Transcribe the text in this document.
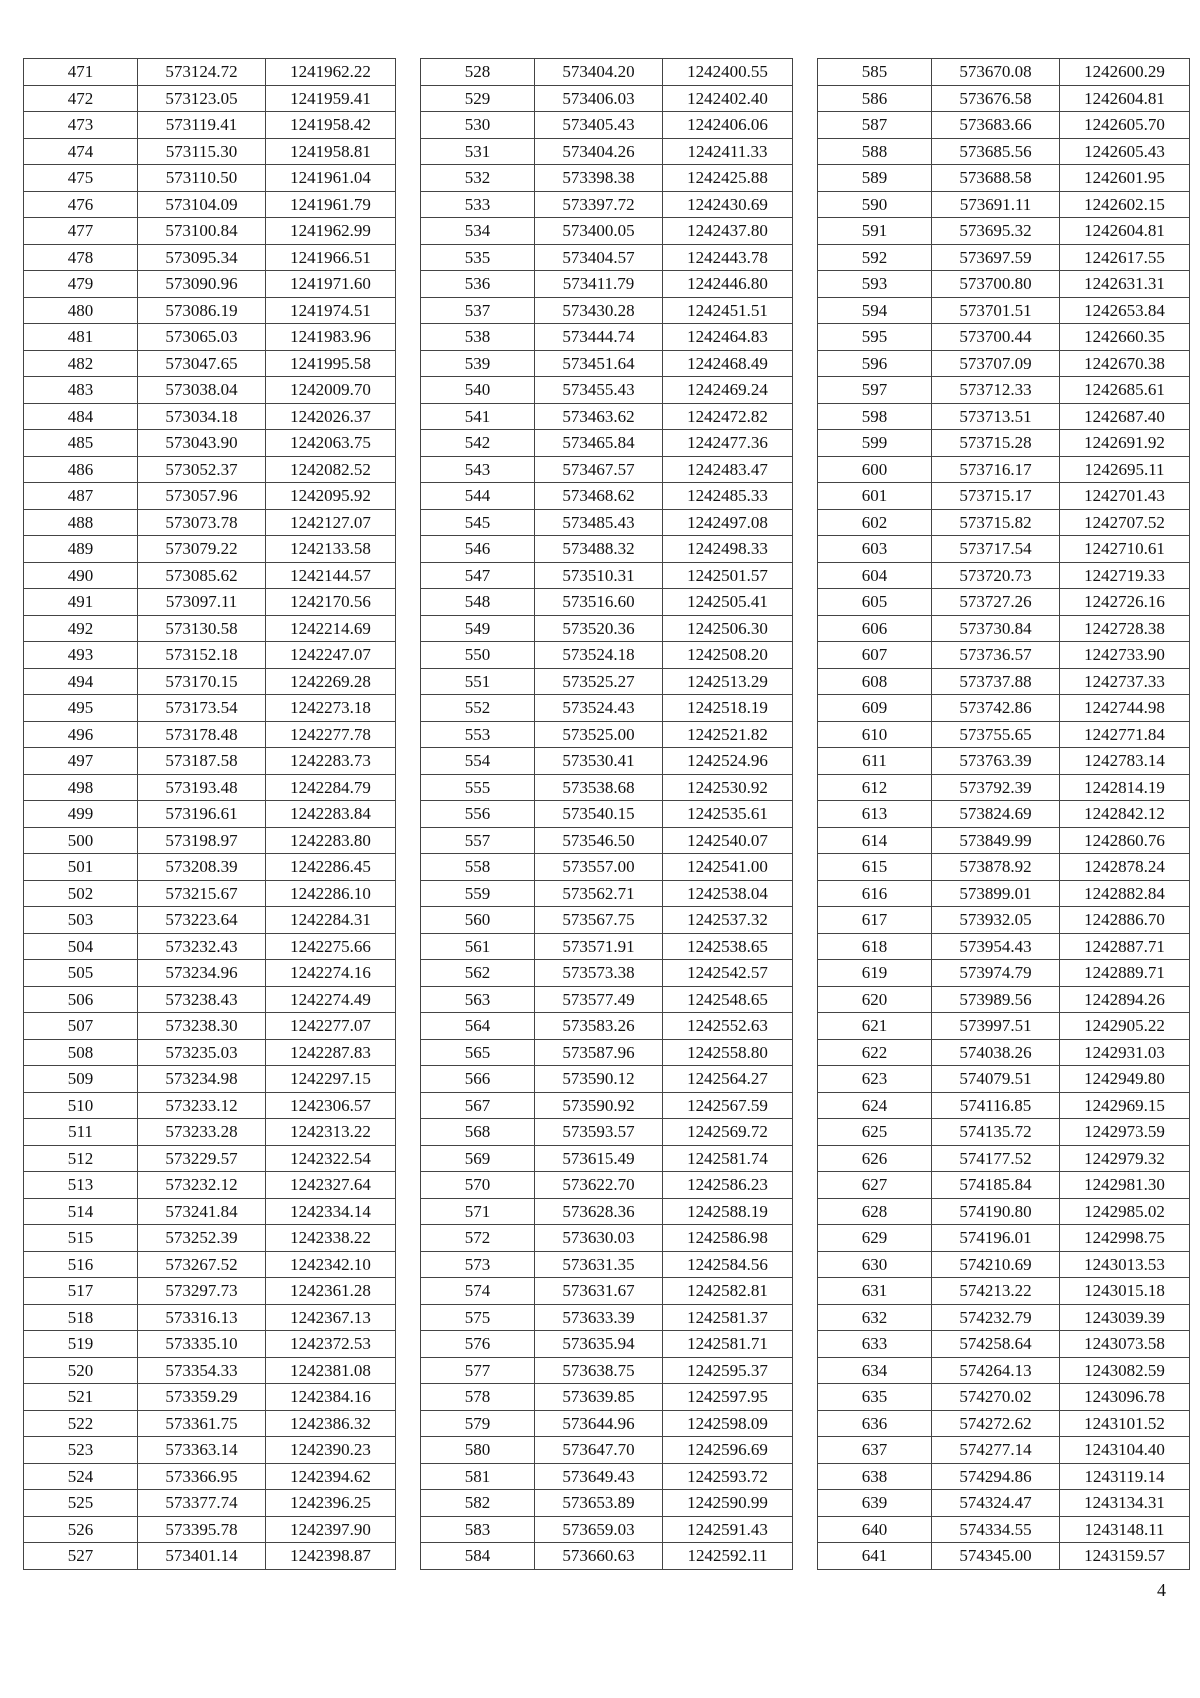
471	573124.72	1241962.22
472	573123.05	1241959.41
473	573119.41	1241958.42
474	573115.30	1241958.81
475	573110.50	1241961.04
476	573104.09	1241961.79
477	573100.84	1241962.99
478	573095.34	1241966.51
479	573090.96	1241971.60
480	573086.19	1241974.51
481	573065.03	1241983.96
482	573047.65	1241995.58
483	573038.04	1242009.70
484	573034.18	1242026.37
485	573043.90	1242063.75
486	573052.37	1242082.52
487	573057.96	1242095.92
488	573073.78	1242127.07
489	573079.22	1242133.58
490	573085.62	1242144.57
491	573097.11	1242170.56
492	573130.58	1242214.69
493	573152.18	1242247.07
494	573170.15	1242269.28
495	573173.54	1242273.18
496	573178.48	1242277.78
497	573187.58	1242283.73
498	573193.48	1242284.79
499	573196.61	1242283.84
500	573198.97	1242283.80
501	573208.39	1242286.45
502	573215.67	1242286.10
503	573223.64	1242284.31
504	573232.43	1242275.66
505	573234.96	1242274.16
506	573238.43	1242274.49
507	573238.30	1242277.07
508	573235.03	1242287.83
509	573234.98	1242297.15
510	573233.12	1242306.57
511	573233.28	1242313.22
512	573229.57	1242322.54
513	573232.12	1242327.64
514	573241.84	1242334.14
515	573252.39	1242338.22
516	573267.52	1242342.10
517	573297.73	1242361.28
518	573316.13	1242367.13
519	573335.10	1242372.53
520	573354.33	1242381.08
521	573359.29	1242384.16
522	573361.75	1242386.32
523	573363.14	1242390.23
524	573366.95	1242394.62
525	573377.74	1242396.25
526	573395.78	1242397.90
527	573401.14	1242398.87
528	573404.20	1242400.55
529	573406.03	1242402.40
530	573405.43	1242406.06
531	573404.26	1242411.33
532	573398.38	1242425.88
533	573397.72	1242430.69
534	573400.05	1242437.80
535	573404.57	1242443.78
536	573411.79	1242446.80
537	573430.28	1242451.51
538	573444.74	1242464.83
539	573451.64	1242468.49
540	573455.43	1242469.24
541	573463.62	1242472.82
542	573465.84	1242477.36
543	573467.57	1242483.47
544	573468.62	1242485.33
545	573485.43	1242497.08
546	573488.32	1242498.33
547	573510.31	1242501.57
548	573516.60	1242505.41
549	573520.36	1242506.30
550	573524.18	1242508.20
551	573525.27	1242513.29
552	573524.43	1242518.19
553	573525.00	1242521.82
554	573530.41	1242524.96
555	573538.68	1242530.92
556	573540.15	1242535.61
557	573546.50	1242540.07
558	573557.00	1242541.00
559	573562.71	1242538.04
560	573567.75	1242537.32
561	573571.91	1242538.65
562	573573.38	1242542.57
563	573577.49	1242548.65
564	573583.26	1242552.63
565	573587.96	1242558.80
566	573590.12	1242564.27
567	573590.92	1242567.59
568	573593.57	1242569.72
569	573615.49	1242581.74
570	573622.70	1242586.23
571	573628.36	1242588.19
572	573630.03	1242586.98
573	573631.35	1242584.56
574	573631.67	1242582.81
575	573633.39	1242581.37
576	573635.94	1242581.71
577	573638.75	1242595.37
578	573639.85	1242597.95
579	573644.96	1242598.09
580	573647.70	1242596.69
581	573649.43	1242593.72
582	573653.89	1242590.99
583	573659.03	1242591.43
584	573660.63	1242592.11
585	573670.08	1242600.29
586	573676.58	1242604.81
587	573683.66	1242605.70
588	573685.56	1242605.43
589	573688.58	1242601.95
590	573691.11	1242602.15
591	573695.32	1242604.81
592	573697.59	1242617.55
593	573700.80	1242631.31
594	573701.51	1242653.84
595	573700.44	1242660.35
596	573707.09	1242670.38
597	573712.33	1242685.61
598	573713.51	1242687.40
599	573715.28	1242691.92
600	573716.17	1242695.11
601	573715.17	1242701.43
602	573715.82	1242707.52
603	573717.54	1242710.61
604	573720.73	1242719.33
605	573727.26	1242726.16
606	573730.84	1242728.38
607	573736.57	1242733.90
608	573737.88	1242737.33
609	573742.86	1242744.98
610	573755.65	1242771.84
611	573763.39	1242783.14
612	573792.39	1242814.19
613	573824.69	1242842.12
614	573849.99	1242860.76
615	573878.92	1242878.24
616	573899.01	1242882.84
617	573932.05	1242886.70
618	573954.43	1242887.71
619	573974.79	1242889.71
620	573989.56	1242894.26
621	573997.51	1242905.22
622	574038.26	1242931.03
623	574079.51	1242949.80
624	574116.85	1242969.15
625	574135.72	1242973.59
626	574177.52	1242979.32
627	574185.84	1242981.30
628	574190.80	1242985.02
629	574196.01	1242998.75
630	574210.69	1243013.53
631	574213.22	1243015.18
632	574232.79	1243039.39
633	574258.64	1243073.58
634	574264.13	1243082.59
635	574270.02	1243096.78
636	574272.62	1243101.52
637	574277.14	1243104.40
638	574294.86	1243119.14
639	574324.47	1243134.31
640	574334.55	1243148.11
641	574345.00	1243159.57
4
